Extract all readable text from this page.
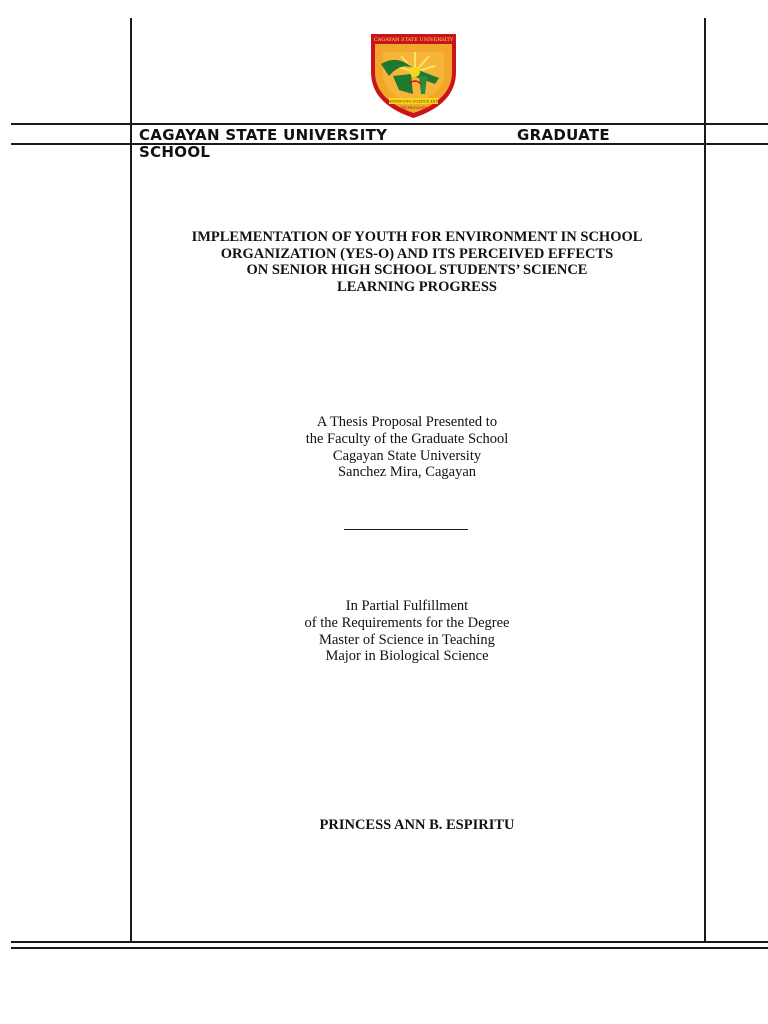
CAGAYAN STATE UNIVERSITY
ADVANCING SCIENCE AND
TECHNOLOGY
CAGAYAN STATE UNIVERSITY	GRADUATE
SCHOOL
IMPLEMENTATION OF YOUTH FOR ENVIRONMENT IN SCHOOL
ORGANIZATION (YES-O) AND ITS PERCEIVED EFFECTS
ON SENIOR HIGH SCHOOL STUDENTS’ SCIENCE
LEARNING PROGRESS
A Thesis Proposal Presented to
the Faculty of the Graduate School
Cagayan State University
Sanchez Mira, Cagayan
In Partial Fulfillment
of the Requirements for the Degree
Master of Science in Teaching
Major in Biological Science
PRINCESS ANN B. ESPIRITU
